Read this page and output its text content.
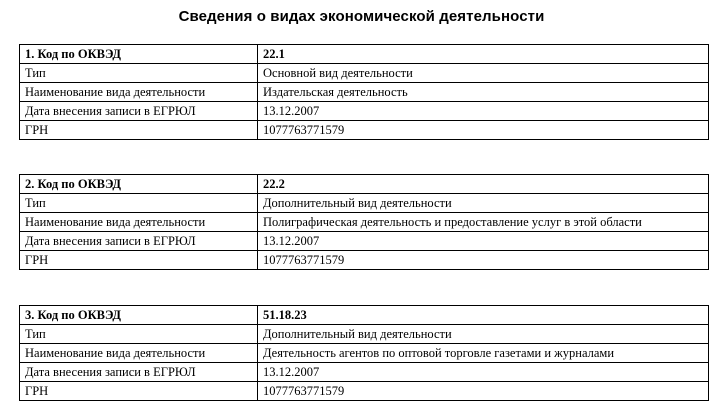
Сведения о видах экономической деятельности
1. Код по ОКВЭД	22.1
Тип	Основной вид деятельности
Наименование вида деятельности	Издательская деятельность
Дата внесения записи в ЕГРЮЛ	13.12.2007
ГРН	1077763771579
2. Код по ОКВЭД	22.2
Тип	Дополнительный вид деятельности
Наименование вида деятельности	Полиграфическая деятельность и предоставление услуг в этой области
Дата внесения записи в ЕГРЮЛ	13.12.2007
ГРН	1077763771579
3. Код по ОКВЭД	51.18.23
Тип	Дополнительный вид деятельности
Наименование вида деятельности	Деятельность агентов по оптовой торговле газетами и журналами
Дата внесения записи в ЕГРЮЛ	13.12.2007
ГРН	1077763771579
